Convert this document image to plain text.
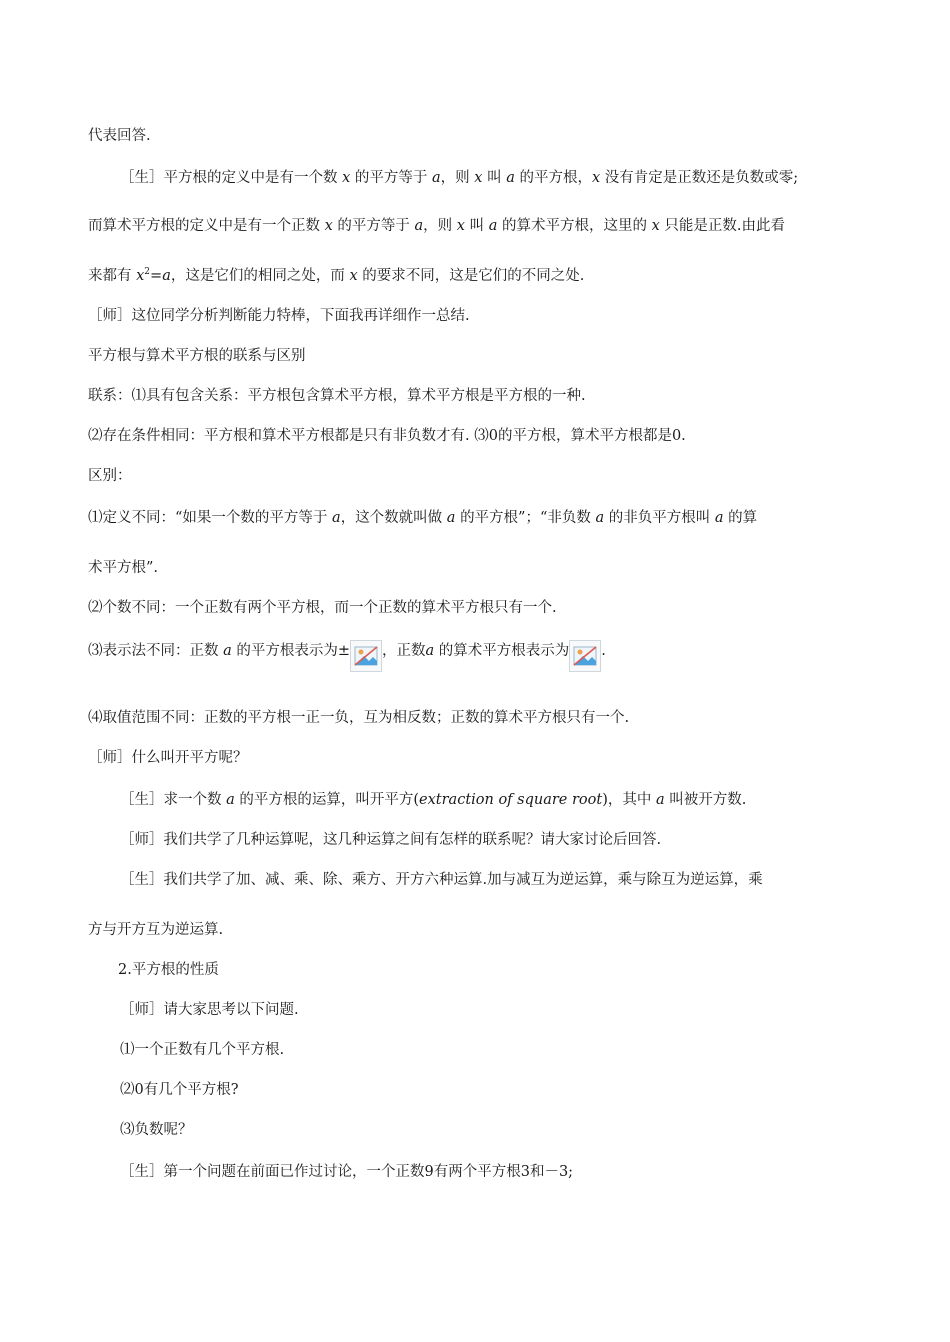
代表回答.
［生］平方根的定义中是有一个数 x 的平方等于 a，则 x 叫 a 的平方根，x 没有肯定是正数还是负数或零;
而算术平方根的定义中是有一个正数 x 的平方等于 a，则 x 叫 a 的算术平方根，这里的 x 只能是正数.由此看
来都有 $x^2=a$，这是它们的相同之处，而 x 的要求不同，这是它们的不同之处.
［师］这位同学分析判断能力特棒，下面我再详细作一总结.
平方根与算术平方根的联系与区别
联系：⑴具有包含关系：平方根包含算术平方根，算术平方根是平方根的一种.
⑵存在条件相同：平方根和算术平方根都是只有非负数才有. ⑶0的平方根，算术平方根都是0.
区别：
⑴定义不同：“如果一个数的平方等于 a，这个数就叫做 a 的平方根”；“非负数 a 的非负平方根叫 a 的算
术平方根”.
⑵个数不同：一个正数有两个平方根，而一个正数的算术平方根只有一个.
⑶表示法不同：正数 a 的平方根表示为± ，正数a 的算术平方根表示为 .
⑷取值范围不同：正数的平方根一正一负，互为相反数；正数的算术平方根只有一个.
［师］什么叫开平方呢？
［生］求一个数 a 的平方根的运算，叫开平方(extraction of square root)，其中 a 叫被开方数.
［师］我们共学了几种运算呢，这几种运算之间有怎样的联系呢？请大家讨论后回答.
［生］我们共学了加、减、乘、除、乘方、开方六种运算.加与减互为逆运算，乘与除互为逆运算，乘
方与开方互为逆运算.
2.平方根的性质
［师］请大家思考以下问题.
⑴一个正数有几个平方根.
⑵0有几个平方根?
⑶负数呢？
［生］第一个问题在前面已作过讨论，一个正数9有两个平方根3和－3;
